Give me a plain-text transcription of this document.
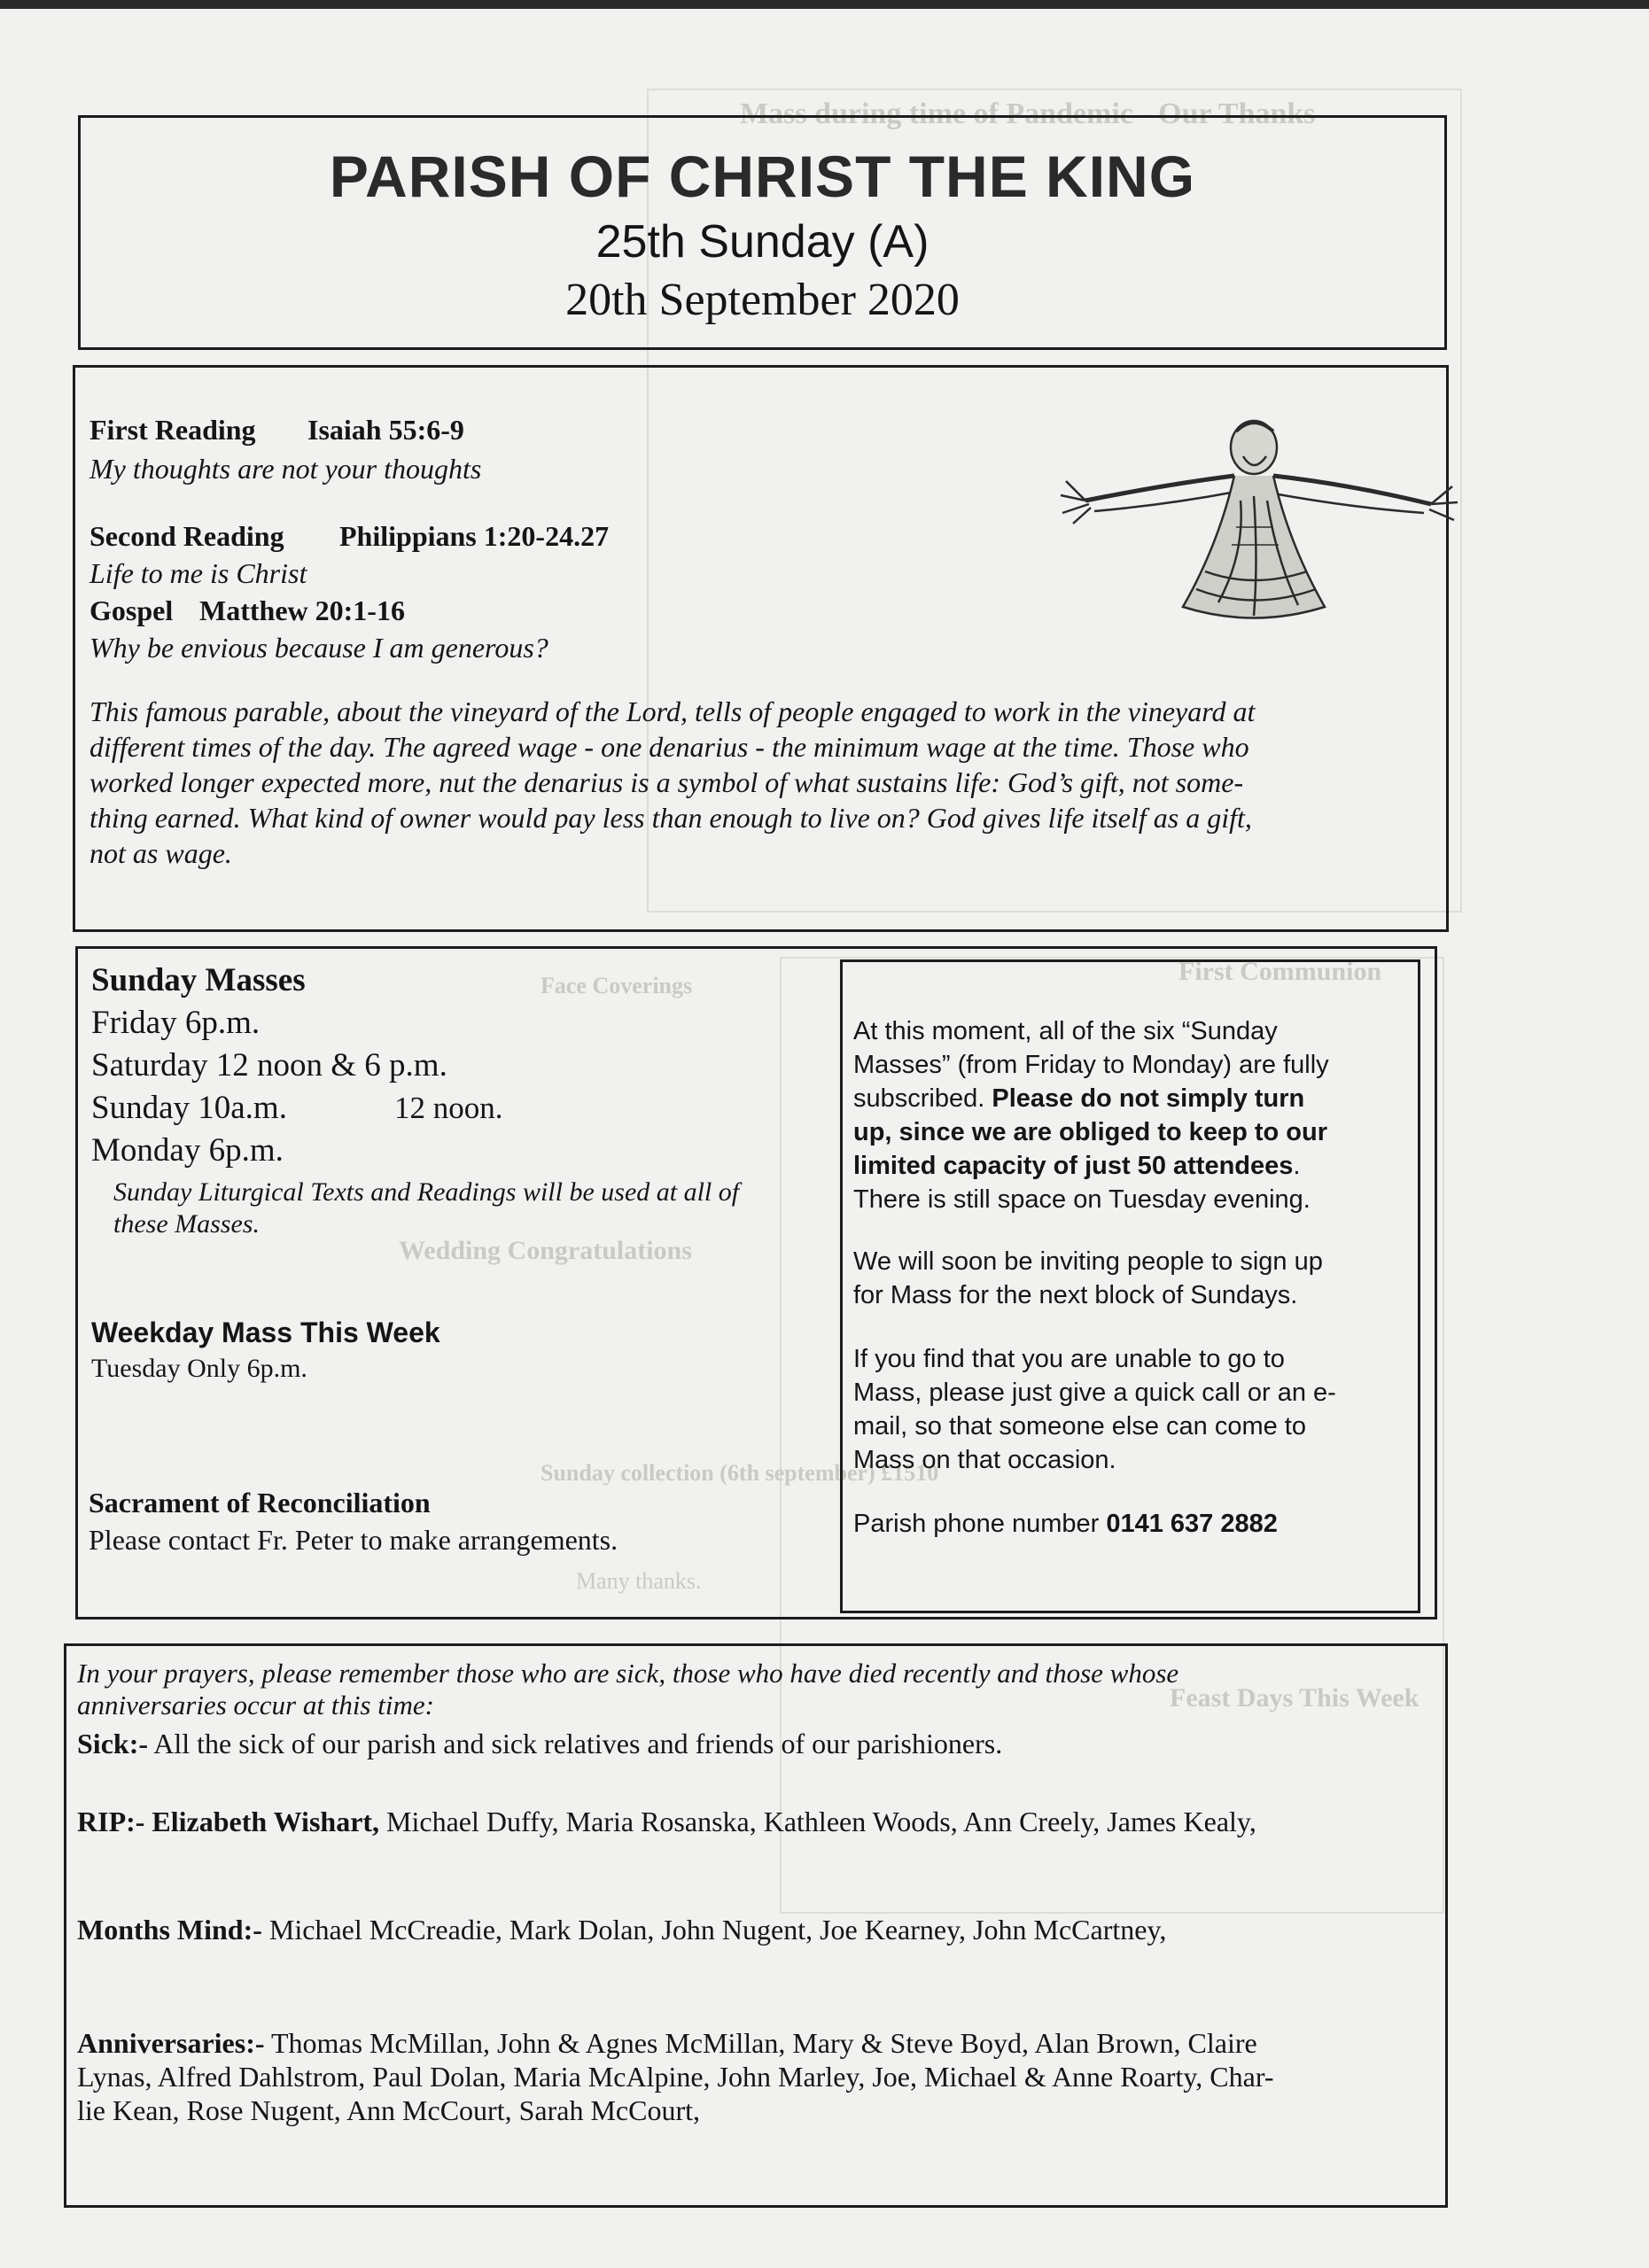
Mass during time of Pandemic - Our Thanks
First Communion
Face Coverings
Wedding Congratulations
Feast Days This Week
Sunday collection (6th september) £1510
Many thanks.
PARISH OF CHRIST THE KING
25th Sunday (A)
20th September 2020
First Reading Isaiah 55:6-9
My thoughts are not your thoughts
Second Reading Philippians 1:20-24.27
Life to me is Christ
Gospel Matthew 20:1-16
Why be envious because I am generous?
This famous parable, about the vineyard of the Lord, tells of people engaged to work in the vineyard at
different times of the day. The agreed wage - one denarius - the minimum wage at the time. Those who
worked longer expected more, nut the denarius is a symbol of what sustains life: God’s gift, not some-
thing earned. What kind of owner would pay less than enough to live on? God gives life itself as a gift,
not as wage.
Sunday Masses
Friday 6p.m.
Saturday 12 noon & 6 p.m.
Sunday 10a.m.	12 noon.
Monday 6p.m.
Sunday Liturgical Texts and Readings will be used at all of
these Masses.
Weekday Mass This Week
Tuesday Only 6p.m.
Sacrament of Reconciliation
Please contact Fr. Peter to make arrangements.
At this moment, all of the six “Sunday
Masses” (from Friday to Monday) are fully
subscribed. Please do not simply turn
up, since we are obliged to keep to our
limited capacity of just 50 attendees.
There is still space on Tuesday evening.
We will soon be inviting people to sign up
for Mass for the next block of Sundays.
If you find that you are unable to go to
Mass, please just give a quick call or an e-
mail, so that someone else can come to
Mass on that occasion.
Parish phone number 0141 637 2882
In your prayers, please remember those who are sick, those who have died recently and those whose
anniversaries occur at this time:
Sick:- All the sick of our parish and sick relatives and friends of our parishioners.
RIP:- Elizabeth Wishart, Michael Duffy, Maria Rosanska, Kathleen Woods, Ann Creely, James Kealy,
Months Mind:- Michael McCreadie, Mark Dolan, John Nugent, Joe Kearney, John McCartney,
Anniversaries:- Thomas McMillan, John & Agnes McMillan, Mary & Steve Boyd, Alan Brown, Claire
Lynas, Alfred Dahlstrom, Paul Dolan, Maria McAlpine, John Marley, Joe, Michael & Anne Roarty, Char-
lie Kean, Rose Nugent, Ann McCourt, Sarah McCourt,
